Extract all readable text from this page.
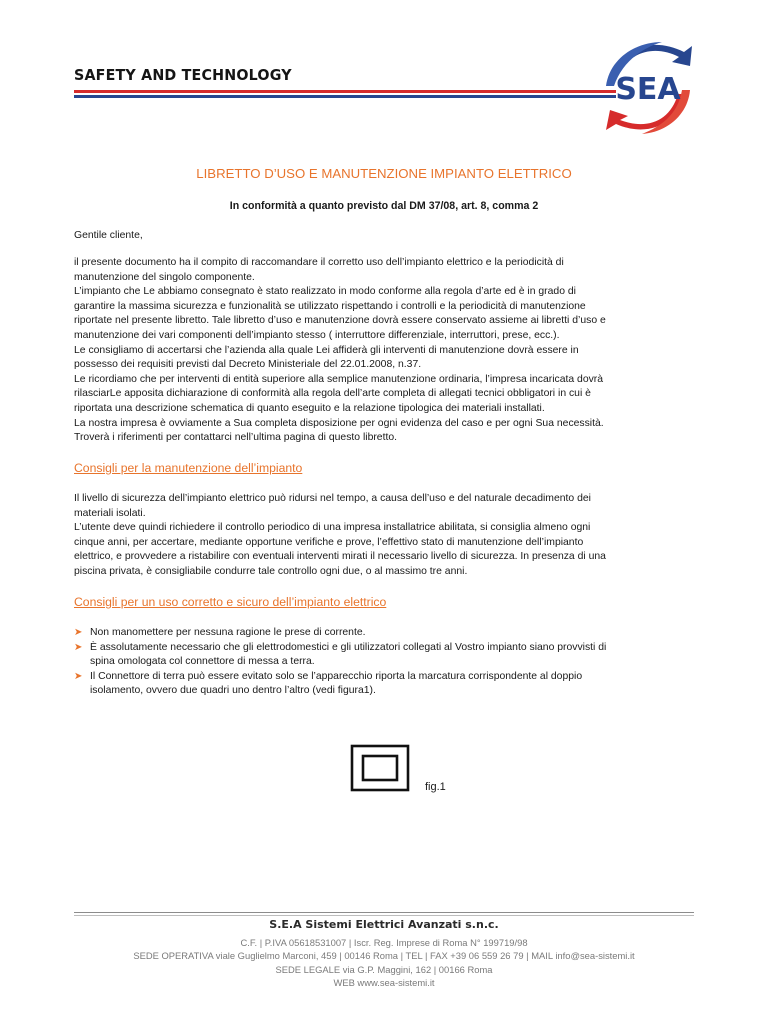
SAFETY AND TECHNOLOGY	SEA
LIBRETTO D’USO E MANUTENZIONE IMPIANTO ELETTRICO
In conformità a quanto previsto dal DM 37/08, art. 8, comma 2

Gentile cliente,

il presente documento ha il compito di raccomandare il corretto uso dell’impianto elettrico e la periodicità di

manutenzione del singolo componente.

L’impianto che Le abbiamo consegnato è stato realizzato in modo conforme alla regola d’arte ed è in grado di

garantire la massima sicurezza e funzionalità se utilizzato rispettando i controlli e la periodicità di manutenzione

riportate nel presente libretto. Tale libretto d’uso e manutenzione dovrà essere conservato assieme ai libretti d’uso e

manutenzione dei vari componenti dell’impianto stesso ( interruttore differenziale, interruttori, prese, ecc.).

Le consigliamo di accertarsi che l’azienda alla quale Lei affiderà gli interventi di manutenzione dovrà essere in

possesso dei requisiti previsti dal Decreto Ministeriale del 22.01.2008, n.37.

Le ricordiamo che per interventi di entità superiore alla semplice manutenzione ordinaria, l’impresa incaricata dovrà

rilasciarLe apposita dichiarazione di conformità alla regola dell’arte completa di allegati tecnici obbligatori in cui è

riportata una descrizione schematica di quanto eseguito e la relazione tipologica dei materiali installati.

La nostra impresa è ovviamente a Sua completa disposizione per ogni evidenza del caso e per ogni Sua necessità.

Troverà i riferimenti per contattarci nell’ultima pagina di questo libretto.

Consigli per la manutenzione dell’impianto

Il livello di sicurezza dell’impianto elettrico può ridursi nel tempo, a causa dell’uso e del naturale decadimento dei

materiali isolati.

L’utente deve quindi richiedere il controllo periodico di una impresa installatrice abilitata, si consiglia almeno ogni

cinque anni, per accertare, mediante opportune verifiche e prove, l’effettivo stato di manutenzione dell’impianto

elettrico, e provvedere a ristabilire con eventuali interventi mirati il necessario livello di sicurezza. In presenza di una

piscina privata, è consigliabile condurre tale controllo ogni due, o al massimo tre anni.

Consigli per un uso corretto e sicuro dell’impianto elettrico
➤ Non manomettere per nessuna ragione le prese di corrente.
➤ È assolutamente necessario che gli elettrodomestici e gli utilizzatori collegati al Vostro impianto siano provvisti di
spina omologata col connettore di messa a terra.
➤ Il Connettore di terra può essere evitato solo se l’apparecchio riporta la marcatura corrispondente al doppio
isolamento, ovvero due quadri uno dentro l’altro (vedi figura1).
fig.1
S.E.A Sistemi Elettrici Avanzati s.n.c.
C.F. | P.IVA 05618531007 | Iscr. Reg. Imprese di Roma N° 199719/98
SEDE OPERATIVA viale Guglielmo Marconi, 459 | 00146 Roma | TEL | FAX +39 06 559 26 79 | MAIL info@sea-sistemi.it
SEDE LEGALE via G.P. Maggini, 162 | 00166 Roma
WEB www.sea-sistemi.it
